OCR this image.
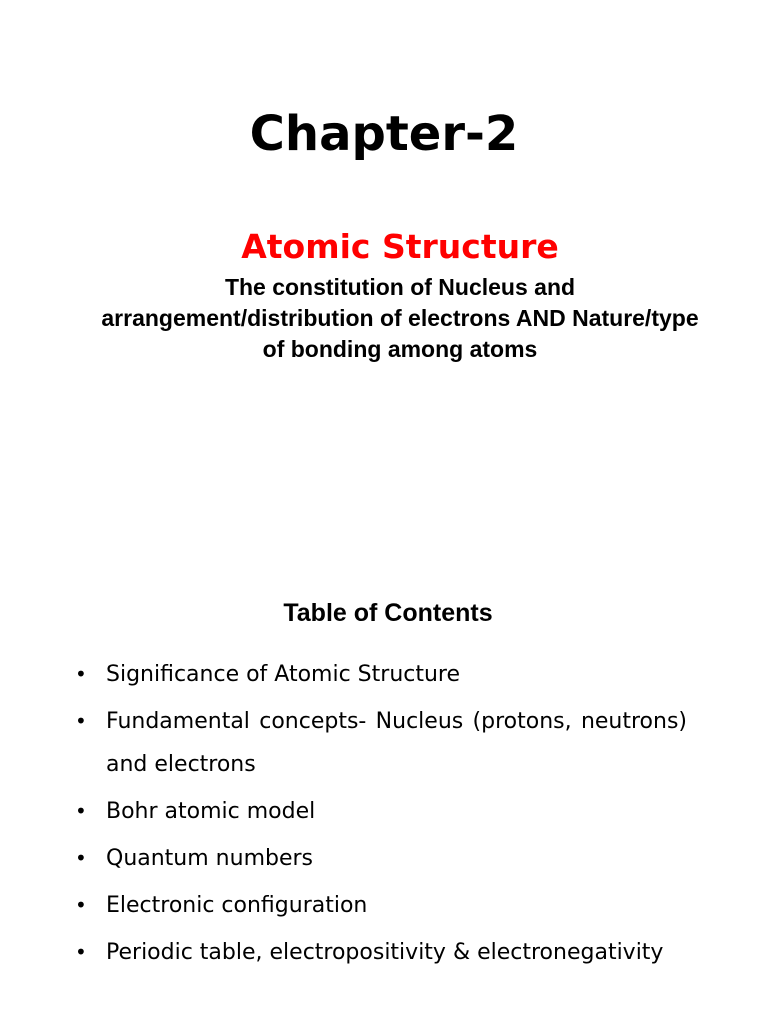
Chapter-2
Atomic Structure

The constitution of Nucleus and arrangement/distribution of electrons AND Nature/type of bonding among atoms

Table of Contents
• Significance of Atomic Structure
• Fundamental concepts- Nucleus (protons, neutrons) and electrons
• Bohr atomic model
• Quantum numbers
• Electronic configuration
• Periodic table, electropositivity & electronegativity
